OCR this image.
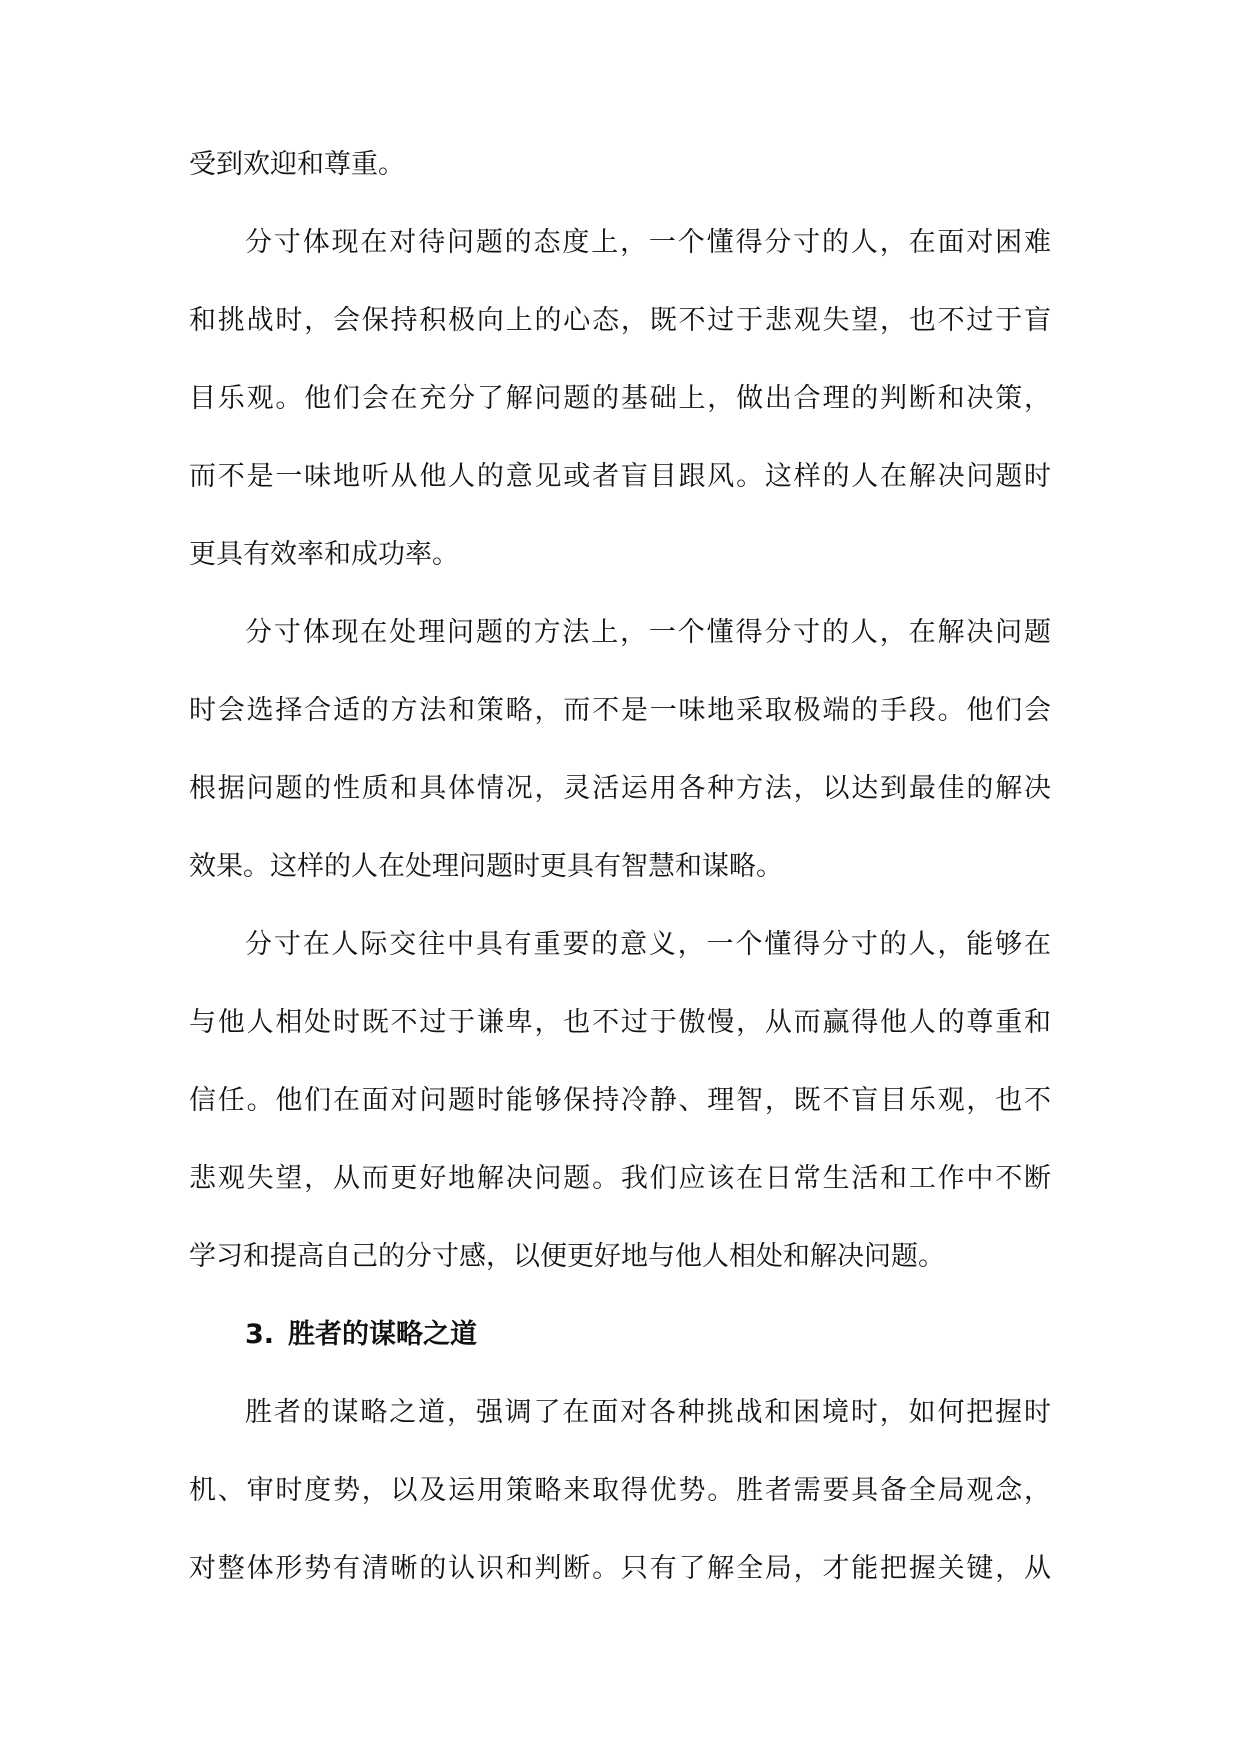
受到欢迎和尊重。
分寸体现在对待问题的态度上，一个懂得分寸的人，在面对困难
和挑战时，会保持积极向上的心态，既不过于悲观失望，也不过于盲
目乐观。他们会在充分了解问题的基础上，做出合理的判断和决策，
而不是一味地听从他人的意见或者盲目跟风。这样的人在解决问题时
更具有效率和成功率。
分寸体现在处理问题的方法上，一个懂得分寸的人，在解决问题
时会选择合适的方法和策略，而不是一味地采取极端的手段。他们会
根据问题的性质和具体情况，灵活运用各种方法，以达到最佳的解决
效果。这样的人在处理问题时更具有智慧和谋略。
分寸在人际交往中具有重要的意义，一个懂得分寸的人，能够在
与他人相处时既不过于谦卑，也不过于傲慢，从而赢得他人的尊重和
信任。他们在面对问题时能够保持冷静、理智，既不盲目乐观，也不
悲观失望，从而更好地解决问题。我们应该在日常生活和工作中不断
学习和提高自己的分寸感，以便更好地与他人相处和解决问题。
3. 胜者的谋略之道
胜者的谋略之道，强调了在面对各种挑战和困境时，如何把握时
机、审时度势，以及运用策略来取得优势。胜者需要具备全局观念，
对整体形势有清晰的认识和判断。只有了解全局，才能把握关键，从
